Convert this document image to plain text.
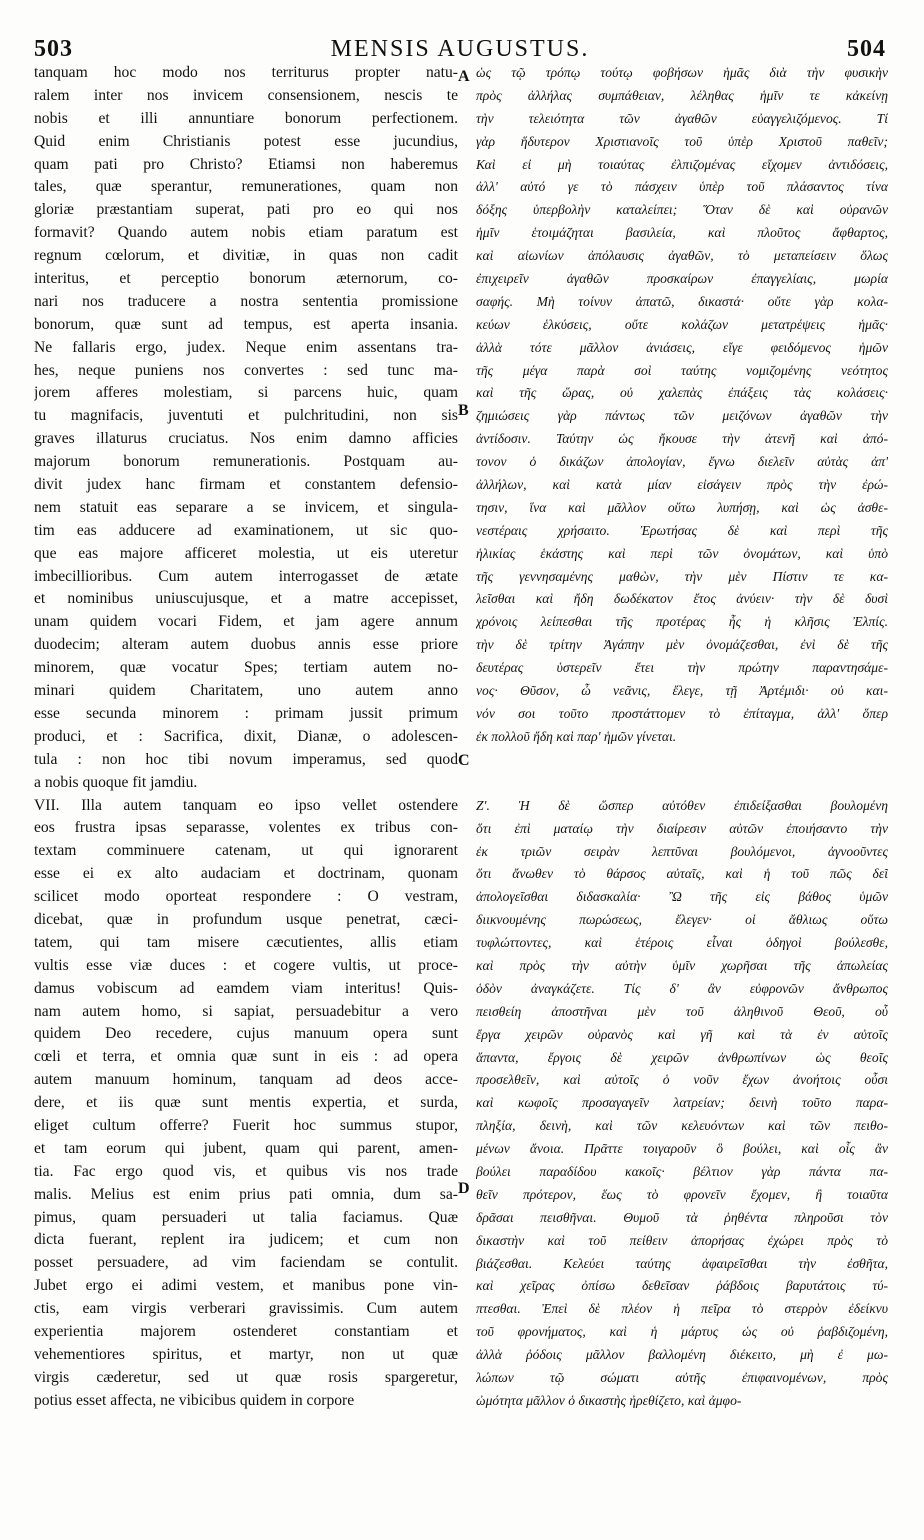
503	MENSIS AUGUSTUS.	504
tanquam hoc modo nos territurus propter natu-
ralem inter nos invicem consensionem, nescis te
nobis et illi annuntiare bonorum perfectionem.
Quid enim Christianis potest esse jucundius,
quam pati pro Christo? Etiamsi non haberemus
tales, quæ sperantur, remunerationes, quam non
gloriæ præstantiam superat, pati pro eo qui nos
formavit? Quando autem nobis etiam paratum est
regnum cœlorum, et divitiæ, in quas non cadit
interitus, et perceptio bonorum æternorum, co-
nari nos traducere a nostra sententia promissione
bonorum, quæ sunt ad tempus, est aperta insania.
Ne fallaris ergo, judex. Neque enim assentans tra-
hes, neque puniens nos convertes : sed tunc ma-
jorem afferes molestiam, si parcens huic, quam
tu magnifacis, juventuti et pulchritudini, non sis
graves illaturus cruciatus. Nos enim damno afficies
majorum bonorum remunerationis. Postquam au-
divit judex hanc firmam et constantem defensio-
nem statuit eas separare a se invicem, et singula-
tim eas adducere ad examinationem, ut sic quo-
que eas majore afficeret molestia, ut eis uteretur
imbecillioribus. Cum autem interrogasset de ætate
et nominibus uniuscujusque, et a matre accepisset,
unam quidem vocari Fidem, et jam agere annum
duodecim; alteram autem duobus annis esse priore
minorem, quæ vocatur Spes; tertiam autem no-
minari quidem Charitatem, uno autem anno
esse secunda minorem : primam jussit primum
produci, et : Sacrifica, dixit, Dianæ, o adolescen-
tula : non hoc tibi novum imperamus, sed quod
a nobis quoque fit jamdiu.
VII. Illa autem tanquam eo ipso vellet ostendere
eos frustra ipsas separasse, volentes ex tribus con-
textam comminuere catenam, ut qui ignorarent
esse ei ex alto audaciam et doctrinam, quonam
scilicet modo oporteat respondere : O vestram,
dicebat, quæ in profundum usque penetrat, cæci-
tatem, qui tam misere cæcutientes, allis etiam
vultis esse viæ duces : et cogere vultis, ut proce-
damus vobiscum ad eamdem viam interitus! Quis-
nam autem homo, si sapiat, persuadebitur a vero
quidem Deo recedere, cujus manuum opera sunt
cœli et terra, et omnia quæ sunt in eis : ad opera
autem manuum hominum, tanquam ad deos acce-
dere, et iis quæ sunt mentis expertia, et surda,
eliget cultum offerre? Fuerit hoc summus stupor,
et tam eorum qui jubent, quam qui parent, amen-
tia. Fac ergo quod vis, et quibus vis nos trade
malis. Melius est enim prius pati omnia, dum sa-
pimus, quam persuaderi ut talia faciamus. Quæ
dicta fuerant, replent ira judicem; et cum non
posset persuadere, ad vim faciendam se contulit.
Jubet ergo ei adimi vestem, et manibus pone vin-
ctis, eam virgis verberari gravissimis. Cum autem
experientia majorem ostenderet constantiam et
vehementiores spiritus, et martyr, non ut quæ
virgis cæderetur, sed ut quæ rosis spargeretur,
potius esset affecta, ne vibicibus quidem in corpore
ὡς τῷ τρόπῳ τούτῳ φοβήσων ἡμᾶς διὰ τὴν φυσικὴν
πρὸς ἀλλήλας συμπάθειαν, λέληθας ἡμῖν τε κἀκείνῃ
τὴν τελειότητα τῶν ἀγαθῶν εὐαγγελιζόμενος. Τί
γὰρ ἥδυτερον Χριστιανοῖς τοῦ ὑπὲρ Χριστοῦ παθεῖν;
Καὶ εἰ μὴ τοιαύτας ἐλπιζομένας εἴχομεν ἀντιδόσεις,
ἀλλ' αὐτό γε τὸ πάσχειν ὑπὲρ τοῦ πλάσαντος τίνα
δόξης ὑπερβολὴν καταλείπει; Ὅταν δὲ καὶ οὐρανῶν
ἡμῖν ἑτοιμάζηται βασιλεία, καὶ πλοῦτος ἄφθαρτος,
καὶ αἰωνίων ἀπόλαυσις ἀγαθῶν, τὸ μεταπείσειν ὅλως
ἐπιχειρεῖν ἀγαθῶν προσκαίρων ἐπαγγελίαις, μωρία
σαφής. Μὴ τοίνυν ἀπατῶ, δικαστά· οὔτε γὰρ κολα-
κεύων ἑλκύσεις, οὔτε κολάζων μετατρέψεις ἡμᾶς·
ἀλλὰ τότε μᾶλλον ἀνιάσεις, εἴγε φειδόμενος ἡμῶν
τῆς μέγα παρὰ σοὶ ταύτης νομιζομένης νεότητος
καὶ τῆς ὥρας, οὐ χαλεπὰς ἐπάξεις τὰς κολάσεις·
ζημιώσεις γὰρ πάντως τῶν μειζόνων ἀγαθῶν τὴν
ἀντίδοσιν. Ταύτην ὡς ἤκουσε τὴν ἀτενῆ καὶ ἀπό-
τονον ὁ δικάζων ἀπολογίαν, ἔγνω διελεῖν αὐτὰς ἀπ'
ἀλλήλων, καὶ κατὰ μίαν εἰσάγειν πρὸς τὴν ἐρώ-
τησιν, ἵνα καὶ μᾶλλον οὕτω λυπήσῃ, καὶ ὡς ἀσθε-
νεστέραις χρήσαιτο. Ἐρωτήσας δὲ καὶ περὶ τῆς
ἡλικίας ἑκάστης καὶ περὶ τῶν ὀνομάτων, καὶ ὑπὸ
τῆς γεννησαμένης μαθὼν, τὴν μὲν Πίστιν τε κα-
λεῖσθαι καὶ ἤδη δωδέκατον ἔτος ἀνύειν· τὴν δὲ δυσὶ
χρόνοις λείπεσθαι τῆς προτέρας ἧς ἡ κλῆσις Ἐλπίς.
τὴν δὲ τρίτην Ἀγάπην μὲν ὀνομάζεσθαι, ἐνὶ δὲ τῆς
δευτέρας ὑστερεῖν ἔτει τὴν πρώτην παραντησάμε-
νος· Θῦσον, ὦ νεᾶνις, ἔλεγε, τῇ Ἀρτέμιδι· οὐ και-
νόν σοι τοῦτο προστάττομεν τὸ ἐπίταγμα, ἀλλ' ὅπερ
ἐκ πολλοῦ ἤδη καὶ παρ' ἡμῶν γίνεται.
Ζ'. Ἡ δὲ ὥσπερ αὐτόθεν ἐπιδείξασθαι βουλομένη
ὅτι ἐπὶ ματαίῳ τὴν διαίρεσιν αὐτῶν ἐποιήσαντο τὴν
ἐκ τριῶν σειρὰν λεπτῦναι βουλόμενοι, ἀγνοοῦντες
ὅτι ἄνωθεν τὸ θάρσος αὐταῖς, καὶ ἡ τοῦ πῶς δεῖ
ἀπολογεῖσθαι διδασκαλία· Ὢ τῆς εἰς βάθος ὑμῶν
διικνουμένης πωρώσεως, ἔλεγεν· οἱ ἄθλιως οὕτω
τυφλώττοντες, καὶ ἑτέροις εἶναι ὁδηγοὶ βούλεσθε,
καὶ πρὸς τὴν αὐτὴν ὑμῖν χωρῆσαι τῆς ἀπωλείας
ὁδὸν ἀναγκάζετε. Τίς δ' ἂν εὐφρονῶν ἄνθρωπος
πεισθείη ἀποστῆναι μὲν τοῦ ἀληθινοῦ Θεοῦ, οὗ
ἔργα χειρῶν οὐρανὸς καὶ γῆ καὶ τὰ ἐν αὐτοῖς
ἅπαντα, ἔργοις δὲ χειρῶν ἀνθρωπίνων ὡς θεοῖς
προσελθεῖν, καὶ αὐτοῖς ὁ νοῦν ἔχων ἀνοήτοις οὖσι
καὶ κωφοῖς προσαγαγεῖν λατρείαν; δεινὴ τοῦτο παρα-
πληξία, δεινὴ, καὶ τῶν κελευόντων καὶ τῶν πειθο-
μένων ἄνοια. Πρᾶττε τοιγαροῦν ὃ βούλει, καὶ οἷς ἂν
βούλει παραδίδου κακοῖς· βέλτιον γὰρ πάντα πα-
θεῖν πρότερον, ἕως τὸ φρονεῖν ἔχομεν, ἢ τοιαῦτα
δρᾶσαι πεισθῆναι. Θυμοῦ τὰ ῥηθέντα πληροῦσι τὸν
δικαστὴν καὶ τοῦ πείθειν ἀπορήσας ἐχώρει πρὸς τὸ
βιάζεσθαι. Κελεύει ταύτης ἀφαιρεῖσθαι τὴν ἐσθῆτα,
καὶ χεῖρας ὀπίσω δεθεῖσαν ῥάβδοις βαρυτάτοις τύ-
πτεσθαι. Ἐπεὶ δὲ πλέον ἡ πεῖρα τὸ στερρὸν ἐδείκνυ
τοῦ φρονήματος, καὶ ἡ μάρτυς ὡς οὐ ῥαβδιζομένη,
ἀλλὰ ῥόδοις μᾶλλον βαλλομένη διέκειτο, μὴ ἐ μω-
λώπων τῷ σώματι αὐτῆς ἐπιφαινομένων, πρὸς
ὠμότητα μᾶλλον ὁ δικαστὴς ἠρεθίζετο, καὶ ἀμφο-
A
B
C
D
